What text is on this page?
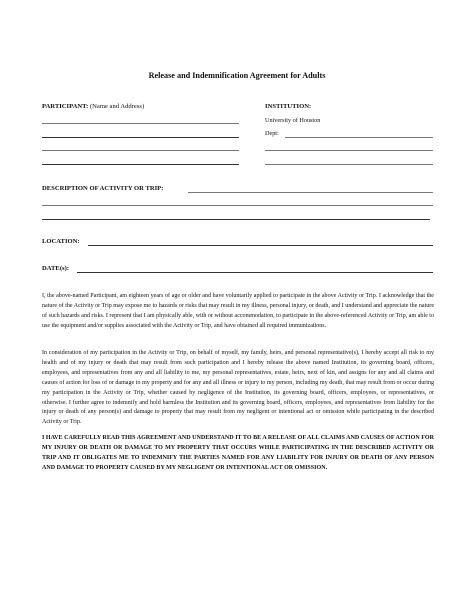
Release and Indemnification Agreement for Adults
PARTICIPANT: (Name and Address)	INSTITUTION:
University of Houston
Dept:
DESCRIPTION OF ACTIVITY OR TRIP:
LOCATION:
DATE(s):
I, the above-named Participant, am eighteen years of age or older and have voluntarily applied to participate in the above Activity or Trip. I acknowledge that the nature of the Activity or Trip may expose me to hazards or risks that may result in my illness, personal injury, or death, and I understand and appreciate the nature of such hazards and risks. I represent that I am physically able, with or without accommodation, to participate in the above-referenced Activity or Trip, am able to use the equipment and/or supplies associated with the Activity or Trip, and have obtained all required immunizations.
In consideration of my participation in the Activity or Trip, on behalf of myself, my family, heirs, and personal representative(s), I hereby accept all risk to my health and of my injury or death that may result from such participation and I hereby release the above named Institution, its governing board, officers, employees, and representatives from any and all liability to me, my personal representatives, estate, heirs, next of kin, and assigns for any and all claims and causes of action for loss of or damage to my property and for any and all illness or injury to my person, including my death, that may result from or occur during my participation in the Activity or Trip, whether caused by negligence of the Institution, its governing board, officers, employees, or representatives, or otherwise. I further agree to indemnify and hold harmless the Institution and its governing board, officers, employees, and representatives from liability for the injury or death of any person(s) and damage to property that may result from my negligent or intentional act or omission while participating in the described Activity or Trip.
I HAVE CAREFULLY READ THIS AGREEMENT AND UNDERSTAND IT TO BE A RELEASE OF ALL CLAIMS AND CAUSES OF ACTION FOR MY INJURY OR DEATH OR DAMAGE TO MY PROPERTY THAT OCCURS WHILE PARTICIPATING IN THE DESCRIBED ACTIVITY OR TRIP AND IT OBLIGATES ME TO INDEMNIFY THE PARTIES NAMED FOR ANY LIABILITY FOR INJURY OR DEATH OF ANY PERSON AND DAMAGE TO PROPERTY CAUSED BY MY NEGLIGENT OR INTENTIONAL ACT OR OMISSION.
